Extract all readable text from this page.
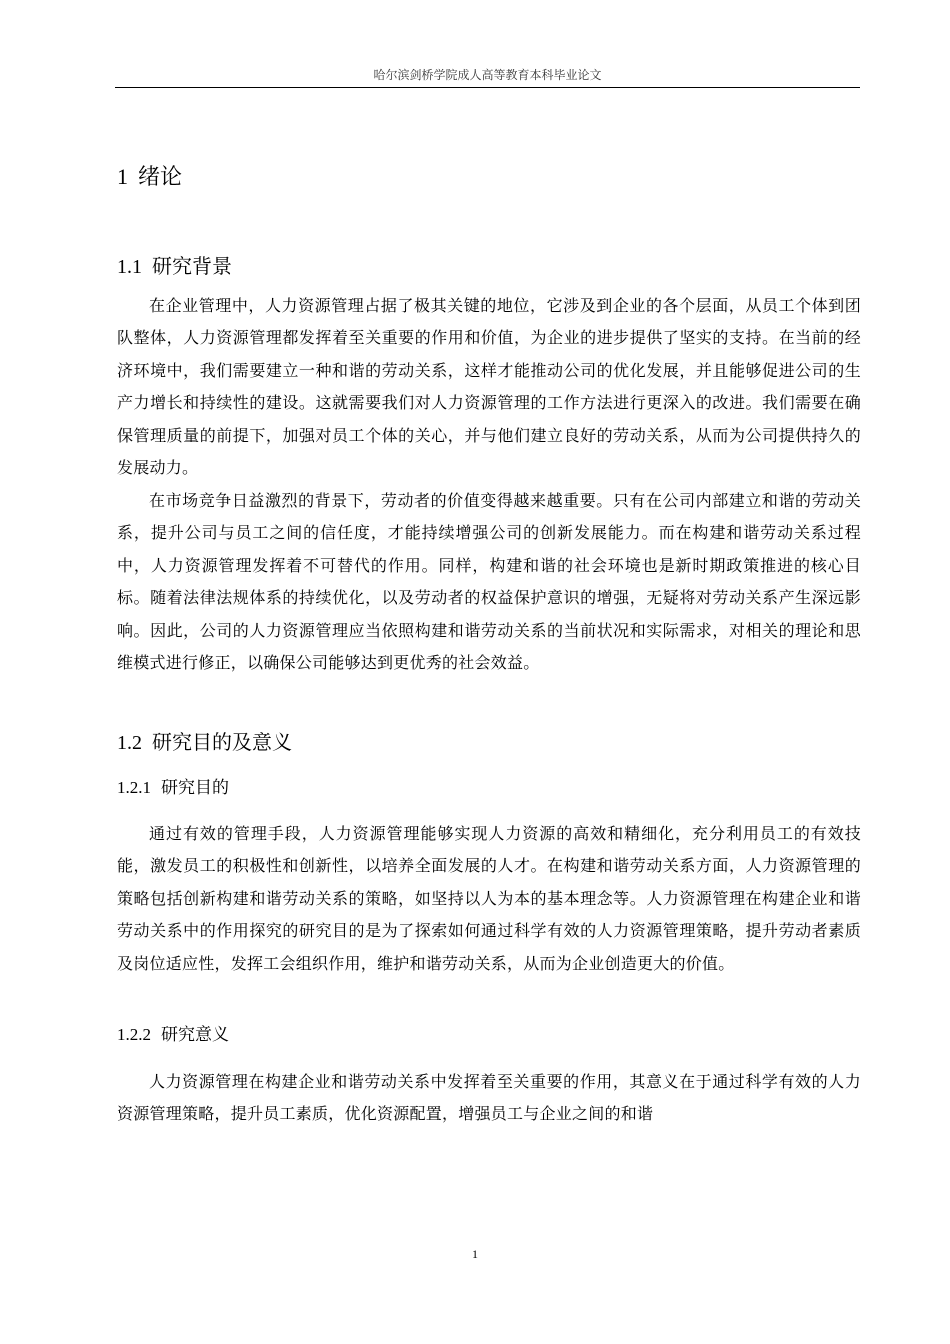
哈尔滨剑桥学院成人高等教育本科毕业论文
1 绪论
1.1 研究背景

在企业管理中，人力资源管理占据了极其关键的地位，它涉及到企业的各个层面，从员工个体到团队整体，人力资源管理都发挥着至关重要的作用和价值，为企业的进步提供了坚实的支持。在当前的经济环境中，我们需要建立一种和谐的劳动关系，这样才能推动公司的优化发展，并且能够促进公司的生产力增长和持续性的建设。这就需要我们对人力资源管理的工作方法进行更深入的改进。我们需要在确保管理质量的前提下，加强对员工个体的关心，并与他们建立良好的劳动关系，从而为公司提供持久的发展动力。

在市场竞争日益激烈的背景下，劳动者的价值变得越来越重要。只有在公司内部建立和谐的劳动关系，提升公司与员工之间的信任度，才能持续增强公司的创新发展能力。而在构建和谐劳动关系过程中，人力资源管理发挥着不可替代的作用。同样，构建和谐的社会环境也是新时期政策推进的核心目标。随着法律法规体系的持续优化，以及劳动者的权益保护意识的增强，无疑将对劳动关系产生深远影响。因此，公司的人力资源管理应当依照构建和谐劳动关系的当前状况和实际需求，对相关的理论和思维模式进行修正，以确保公司能够达到更优秀的社会效益。

1.2 研究目的及意义
1.2.1 研究目的

通过有效的管理手段，人力资源管理能够实现人力资源的高效和精细化，充分利用员工的有效技能，激发员工的积极性和创新性，以培养全面发展的人才。在构建和谐劳动关系方面，人力资源管理的策略包括创新构建和谐劳动关系的策略，如坚持以人为本的基本理念等。人力资源管理在构建企业和谐劳动关系中的作用探究的研究目的是为了探索如何通过科学有效的人力资源管理策略，提升劳动者素质及岗位适应性，发挥工会组织作用，维护和谐劳动关系，从而为企业创造更大的价值。

1.2.2 研究意义

人力资源管理在构建企业和谐劳动关系中发挥着至关重要的作用，其意义在于通过科学有效的人力资源管理策略，提升员工素质，优化资源配置，增强员工与企业之间的和谐

1
